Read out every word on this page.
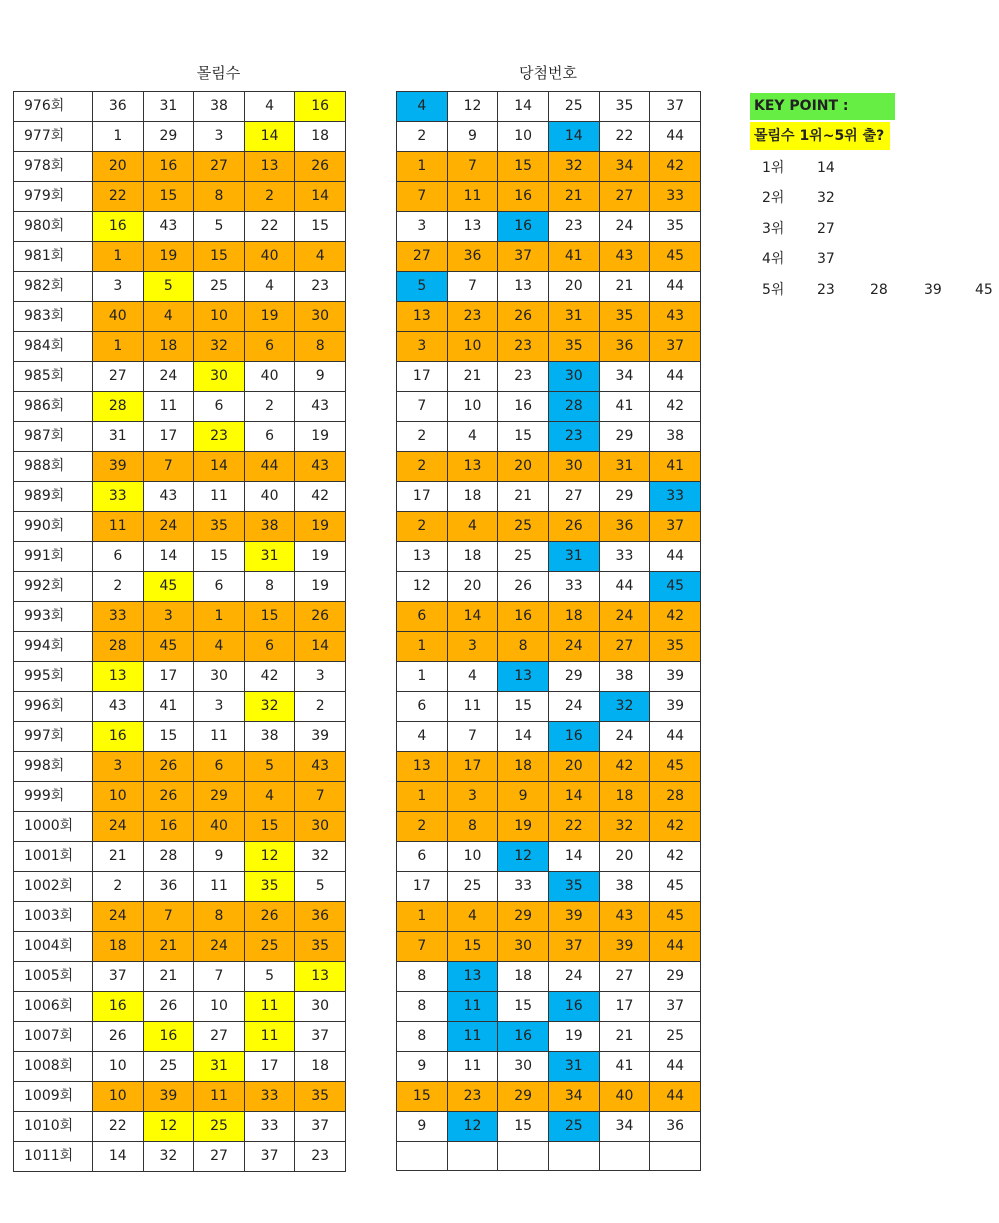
몰림수	당첨번호
976회	36	31	38	4	16
977회	1	29	3	14	18
978회	20	16	27	13	26
979회	22	15	8	2	14
980회	16	43	5	22	15
981회	1	19	15	40	4
982회	3	5	25	4	23
983회	40	4	10	19	30
984회	1	18	32	6	8
985회	27	24	30	40	9
986회	28	11	6	2	43
987회	31	17	23	6	19
988회	39	7	14	44	43
989회	33	43	11	40	42
990회	11	24	35	38	19
991회	6	14	15	31	19
992회	2	45	6	8	19
993회	33	3	1	15	26
994회	28	45	4	6	14
995회	13	17	30	42	3
996회	43	41	3	32	2
997회	16	15	11	38	39
998회	3	26	6	5	43
999회	10	26	29	4	7
1000회	24	16	40	15	30
1001회	21	28	9	12	32
1002회	2	36	11	35	5
1003회	24	7	8	26	36
1004회	18	21	24	25	35
1005회	37	21	7	5	13
1006회	16	26	10	11	30
1007회	26	16	27	11	37
1008회	10	25	31	17	18
1009회	10	39	11	33	35
1010회	22	12	25	33	37
1011회	14	32	27	37	23
4	12	14	25	35	37
2	9	10	14	22	44
1	7	15	32	34	42
7	11	16	21	27	33
3	13	16	23	24	35
27	36	37	41	43	45
5	7	13	20	21	44
13	23	26	31	35	43
3	10	23	35	36	37
17	21	23	30	34	44
7	10	16	28	41	42
2	4	15	23	29	38
2	13	20	30	31	41
17	18	21	27	29	33
2	4	25	26	36	37
13	18	25	31	33	44
12	20	26	33	44	45
6	14	16	18	24	42
1	3	8	24	27	35
1	4	13	29	38	39
6	11	15	24	32	39
4	7	14	16	24	44
13	17	18	20	42	45
1	3	9	14	18	28
2	8	19	22	32	42
6	10	12	14	20	42
17	25	33	35	38	45
1	4	29	39	43	45
7	15	30	37	39	44
8	13	18	24	27	29
8	11	15	16	17	37
8	11	16	19	21	25
9	11	30	31	41	44
15	23	29	34	40	44
9	12	15	25	34	36

KEY POINT :
몰림수 1위~5위 출?
1위 14
2위 32
3위 27
4위 37
5위 23	28	39 45
